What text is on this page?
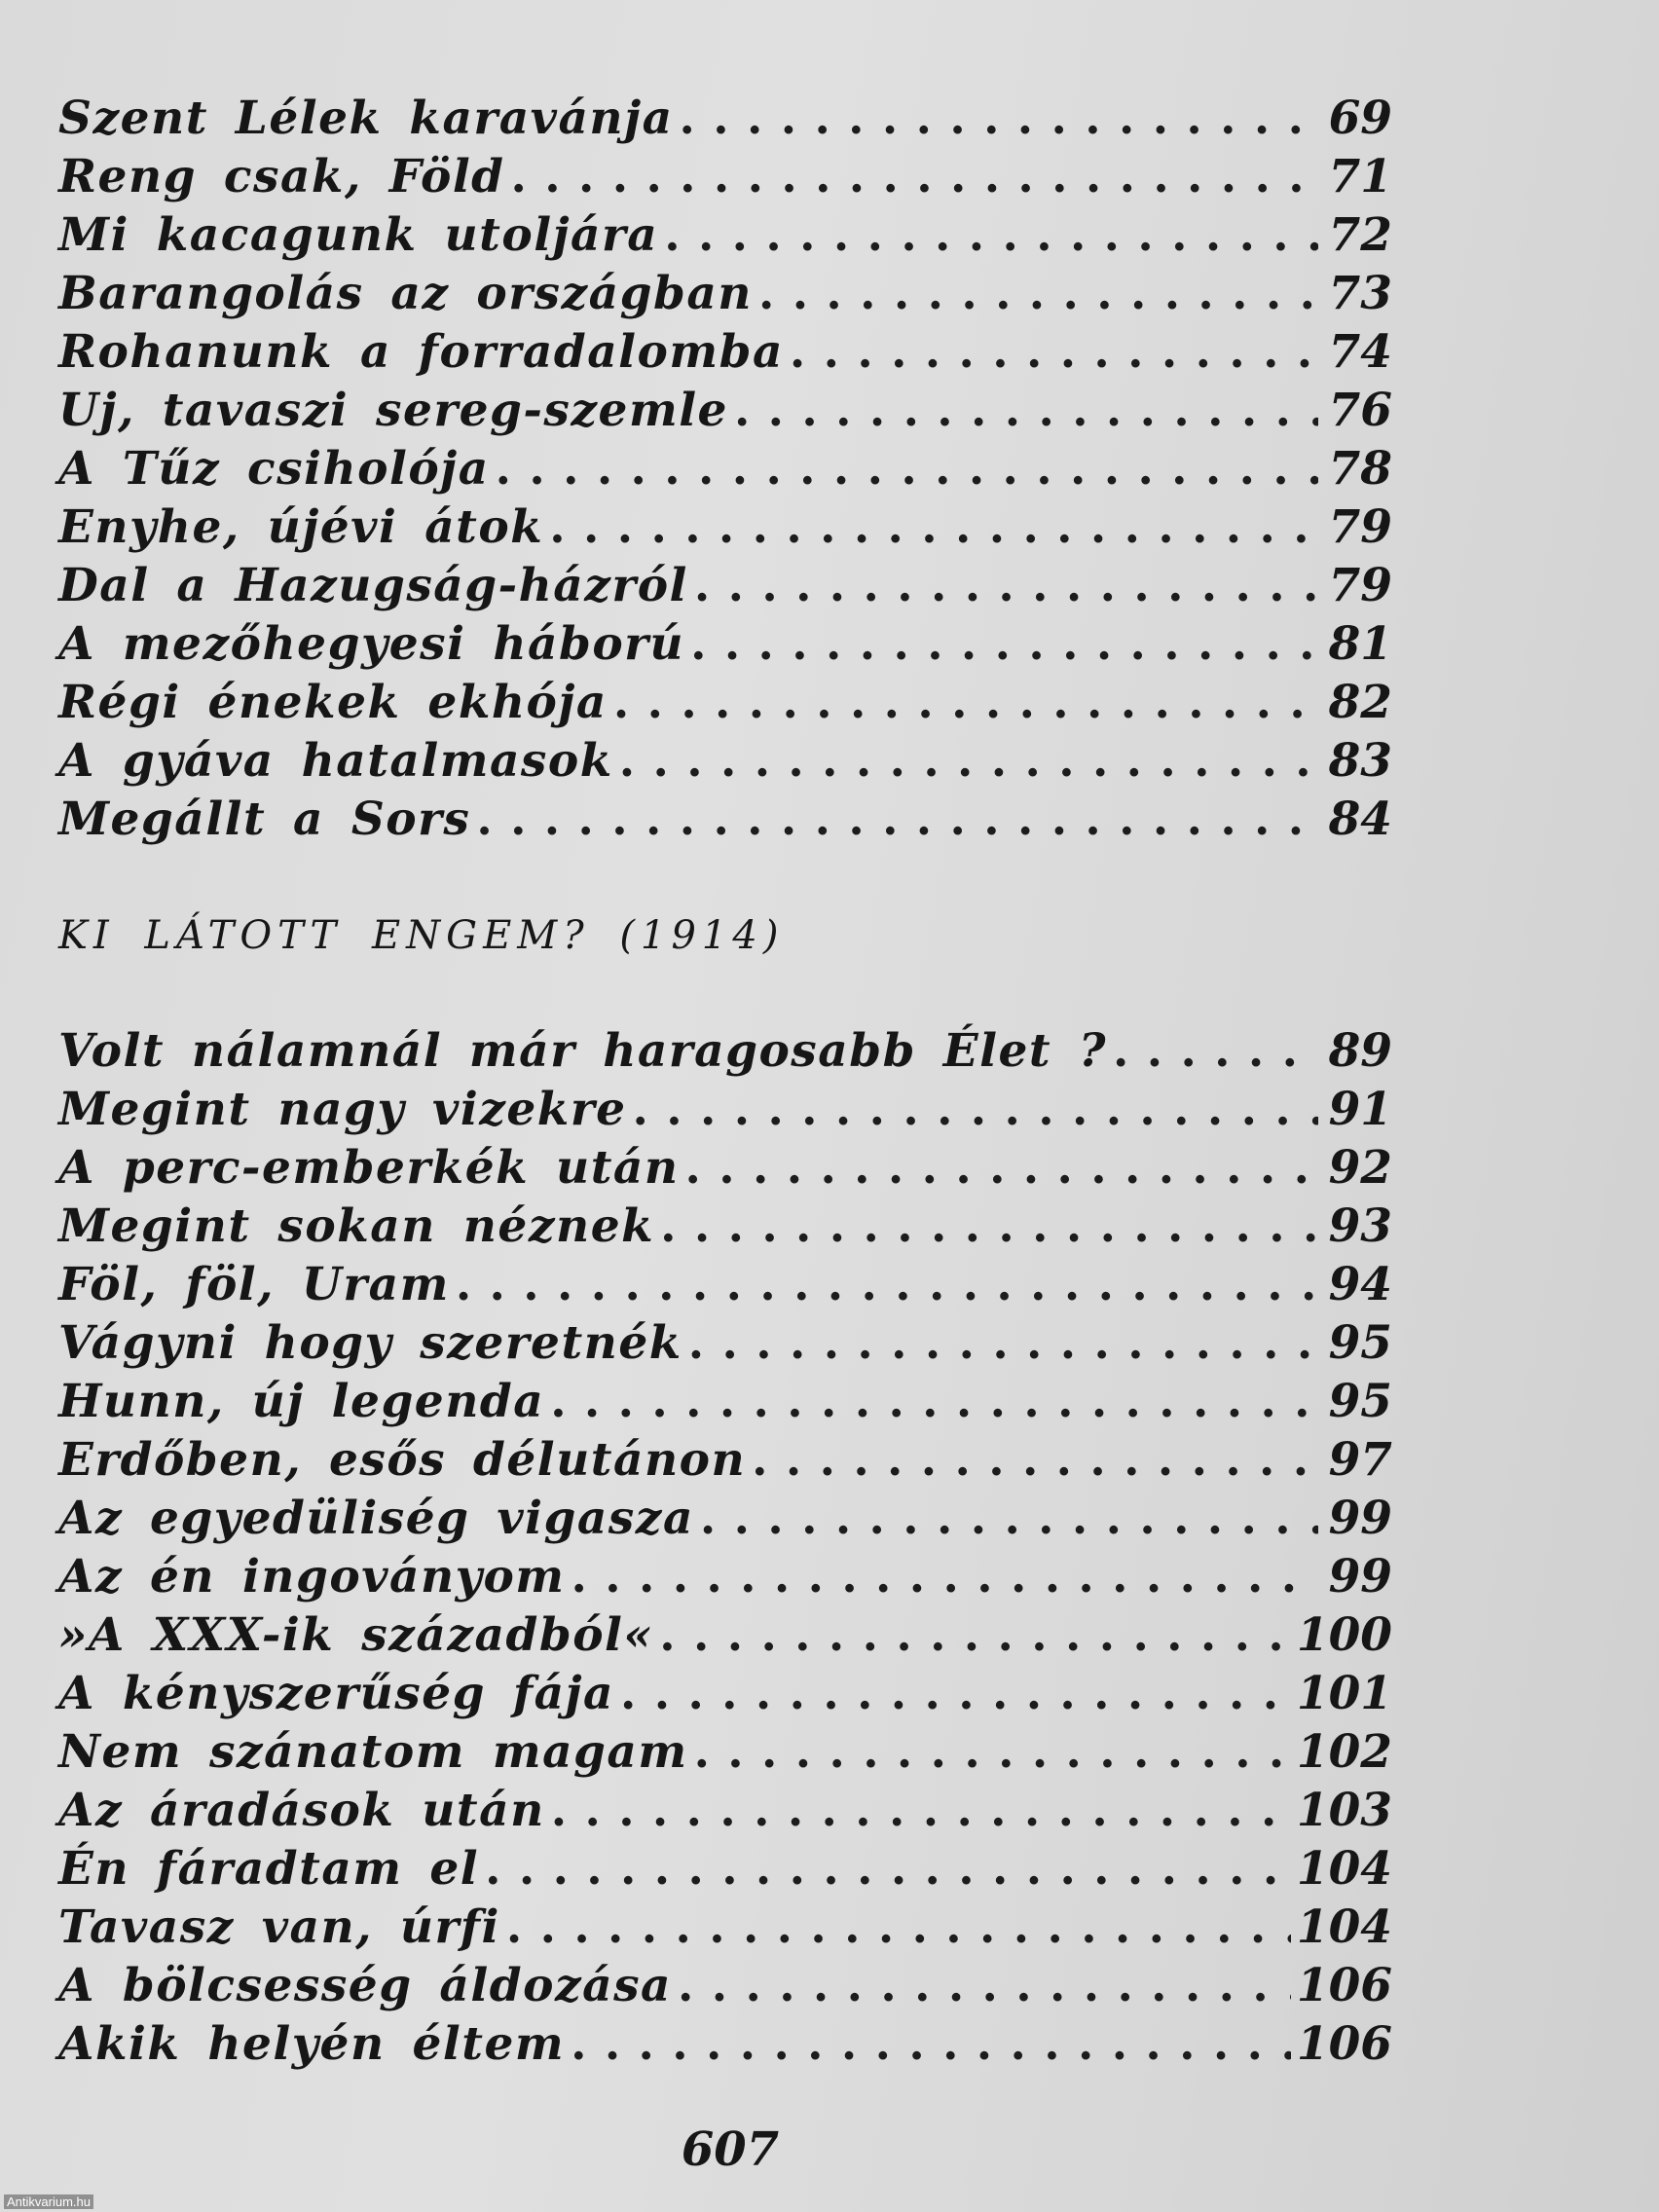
Szent Lélek karavánja . . .	69
Reng csak, Föld . . .	71
Mi kacagunk utoljára . . .	72
Barangolás az országban . . .	73
Rohanunk a forradalomba . . .	74
Uj, tavaszi sereg-szemle . . .	76
A Tűz csiholója . . .	78
Enyhe, újévi átok . . .	79
Dal a Hazugság-házról . . .	79
A mezőhegyesi háború . . .	81
Régi énekek ekhója . . .	82
A gyáva hatalmasok . . .	83
Megállt a Sors . . .	84
KI LÁTOTT ENGEM? (1914)
Volt nálamnál már haragosabb Élet ? . . .	89
Megint nagy vizekre . . .	91
A perc-emberkék után . . .	92
Megint sokan néznek . . .	93
Föl, föl, Uram . . .	94
Vágyni hogy szeretnék . . .	95
Hunn, új legenda . . .	95
Erdőben, esős délutánon . . .	97
Az egyedüliség vigasza . . .	99
Az én ingoványom . . .	99
»A XXX-ik századból« . . .	100
A kényszerűség fája . . .	101
Nem szánatom magam . . .	102
Az áradások után . . .	103
Én fáradtam el . . .	104
Tavasz van, úrfi . . .	104
A bölcsesség áldozása . . .	106
Akik helyén éltem . . .	106
607
Antikvarium.hu
